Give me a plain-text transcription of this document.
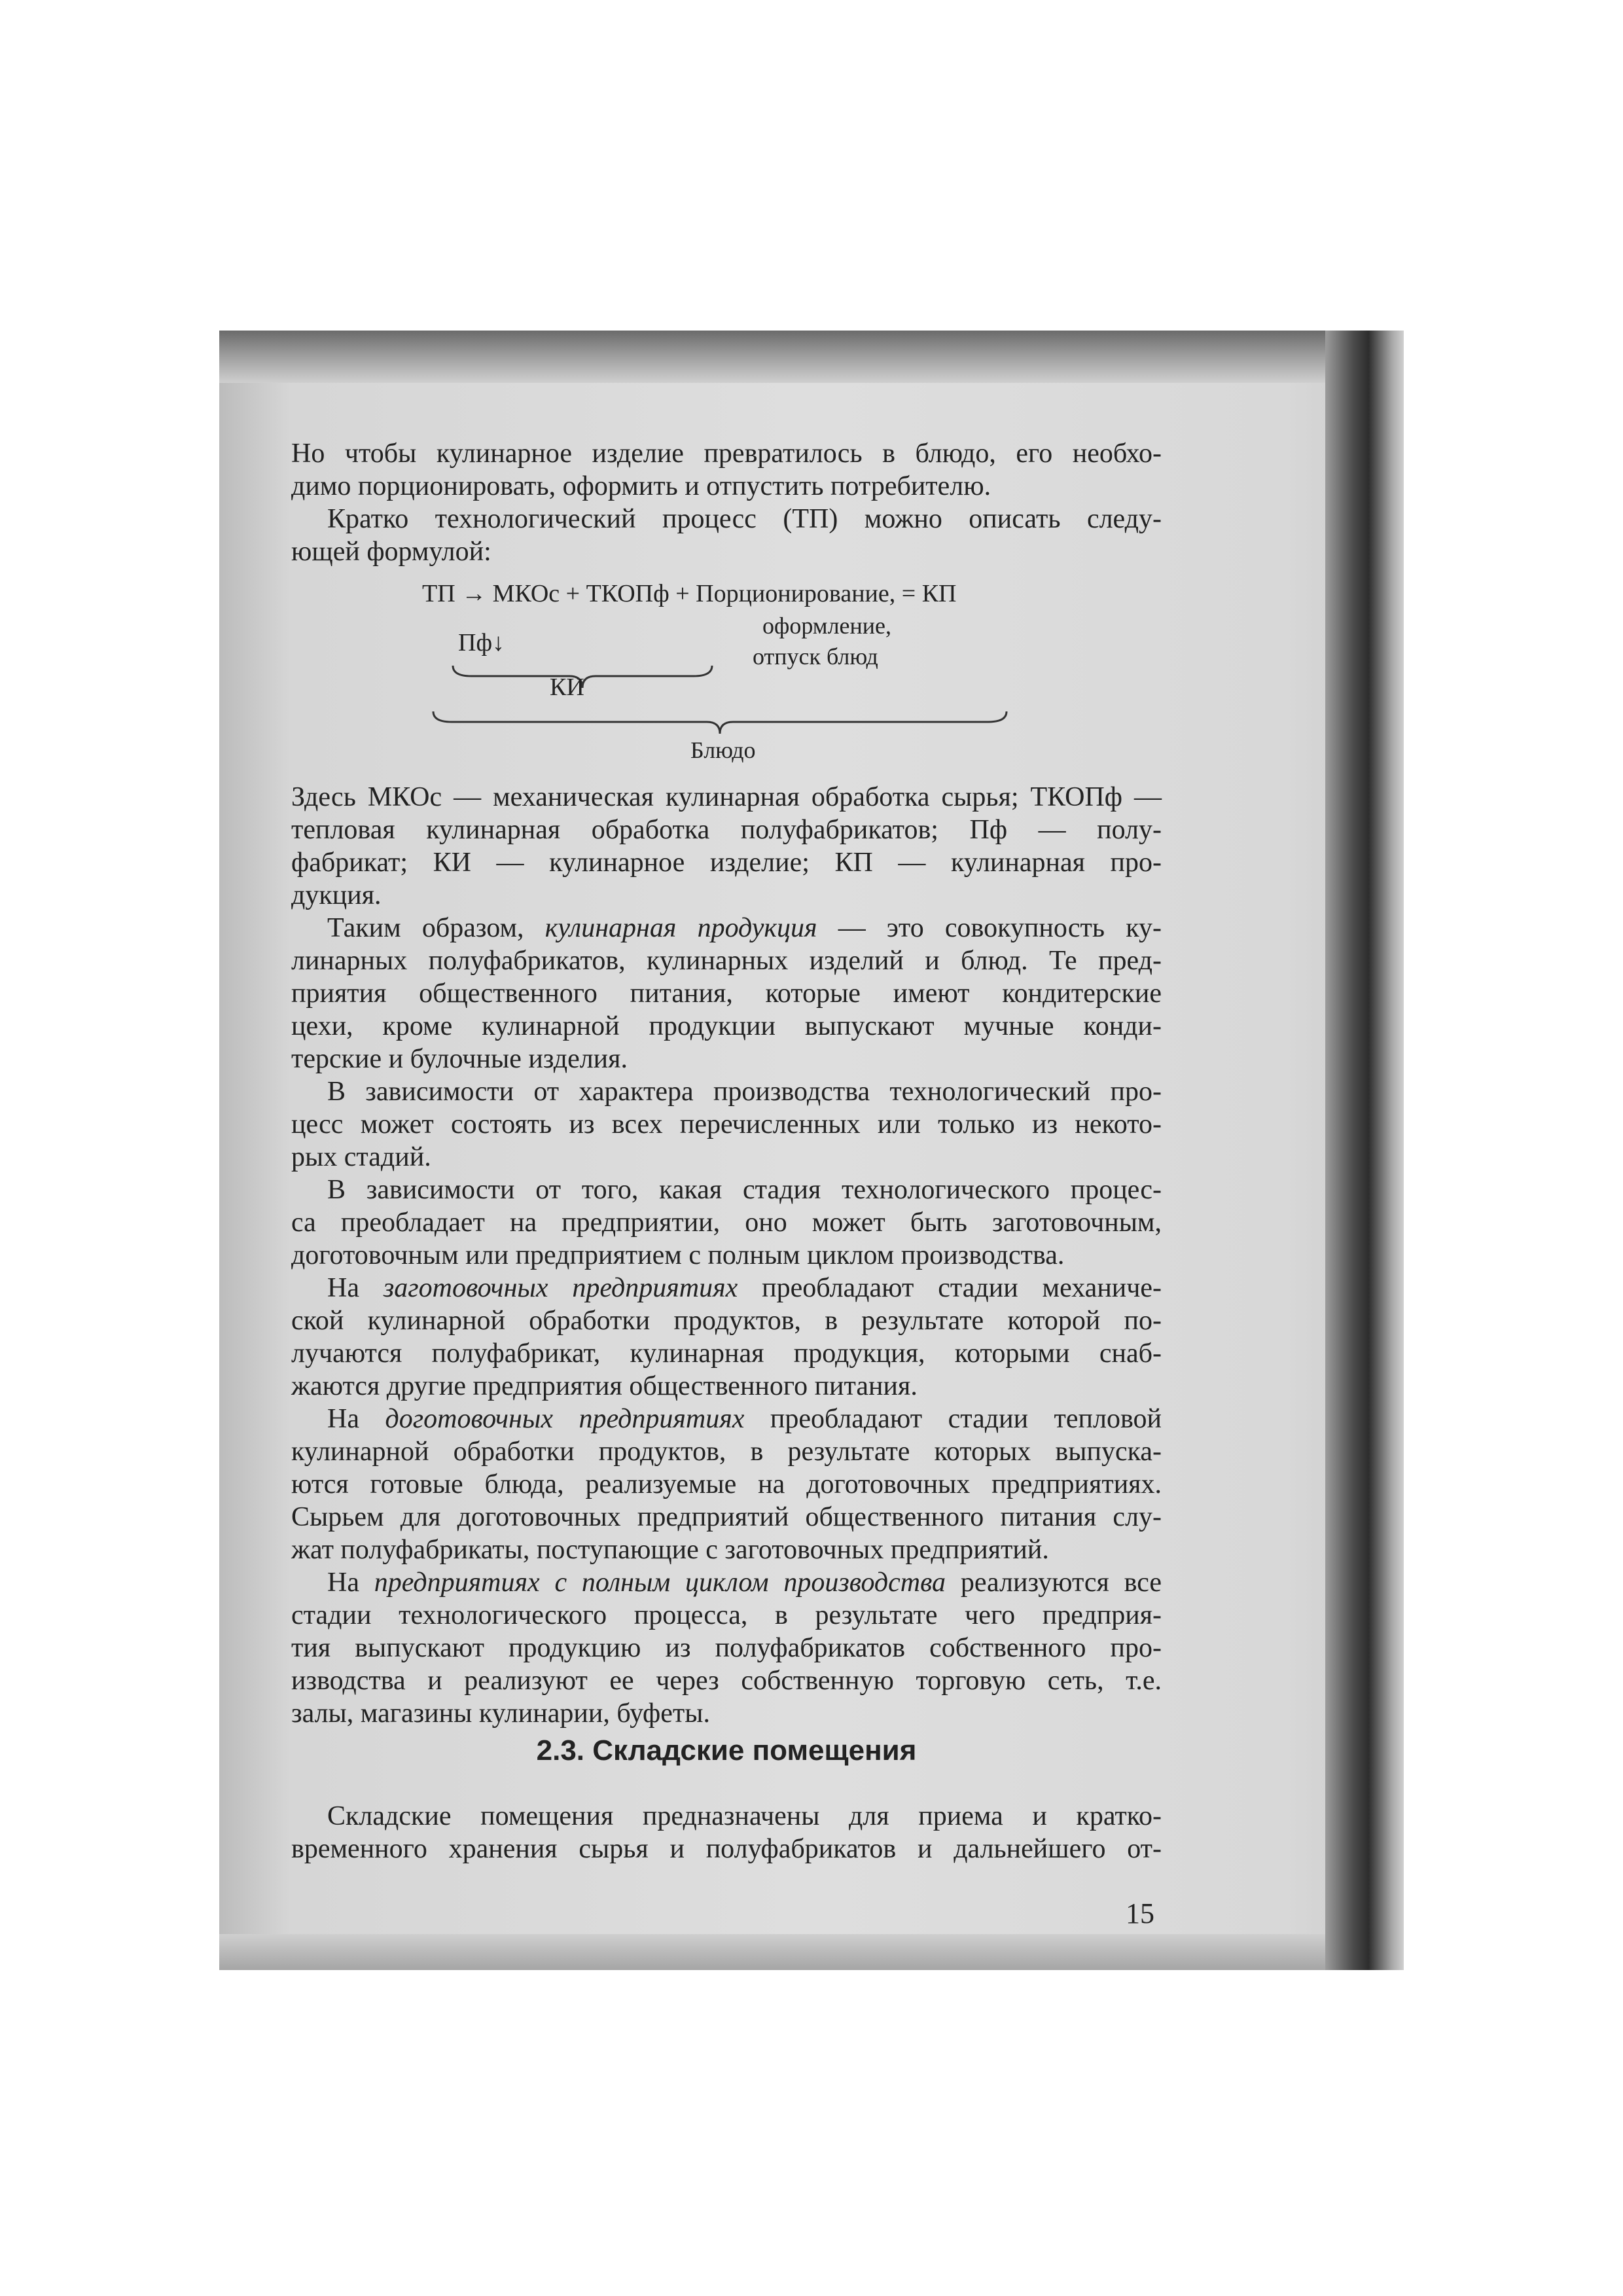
Но чтобы кулинарное изделие превратилось в блюдо, его необхо-
димо порционировать, оформить и отпустить потребителю.
Кратко технологический процесс (ТП) можно описать следу-
ющей формулой:
ТП → МКОс + ТКОПф + Порционирование, = КП
оформление,
Пф↓	отпуск блюд
КИ
Блюдо
Здесь МКОс — механическая кулинарная обработка сырья; ТКОПф —
тепловая кулинарная обработка полуфабрикатов; Пф — полу-
фабрикат; КИ — кулинарное изделие; КП — кулинарная про-
дукция.
Таким образом, кулинарная продукция — это совокупность ку-
линарных полуфабрикатов, кулинарных изделий и блюд. Те пред-
приятия общественного питания, которые имеют кондитерские
цехи, кроме кулинарной продукции выпускают мучные конди-
терские и булочные изделия.
В зависимости от характера производства технологический про-
цесс может состоять из всех перечисленных или только из некото-
рых стадий.
В зависимости от того, какая стадия технологического процес-
са преобладает на предприятии, оно может быть заготовочным,
доготовочным или предприятием с полным циклом производства.
На заготовочных предприятиях преобладают стадии механиче-
ской кулинарной обработки продуктов, в результате которой по-
лучаются полуфабрикат, кулинарная продукция, которыми снаб-
жаются другие предприятия общественного питания.
На доготовочных предприятиях преобладают стадии тепловой
кулинарной обработки продуктов, в результате которых выпуска-
ются готовые блюда, реализуемые на доготовочных предприятиях.
Сырьем для доготовочных предприятий общественного питания слу-
жат полуфабрикаты, поступающие с заготовочных предприятий.
На предприятиях с полным циклом производства реализуются все
стадии технологического процесса, в результате чего предприя-
тия выпускают продукцию из полуфабрикатов собственного про-
изводства и реализуют ее через собственную торговую сеть, т.е.
залы, магазины кулинарии, буфеты.
2.3. Складские помещения
Складские помещения предназначены для приема и кратко-
временного хранения сырья и полуфабрикатов и дальнейшего от-
15
